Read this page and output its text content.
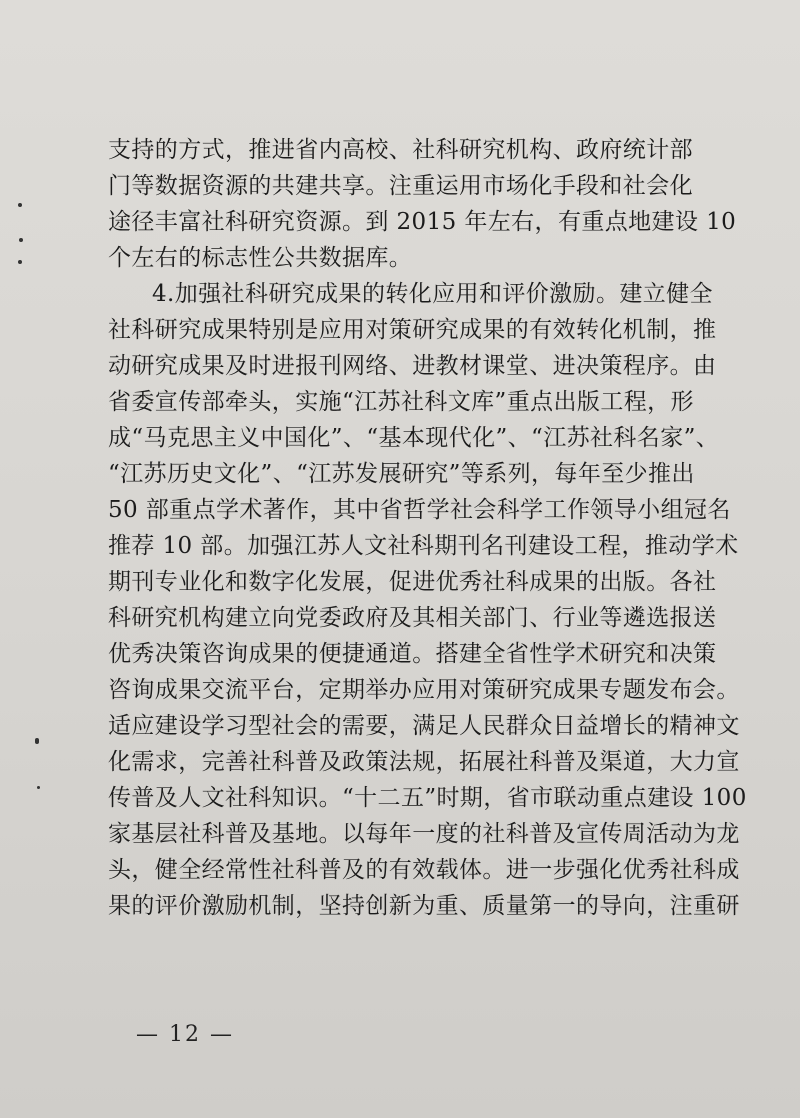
支持的方式，推进省内高校、社科研究机构、政府统计部
门等数据资源的共建共享。注重运用市场化手段和社会化
途径丰富社科研究资源。到 2015 年左右，有重点地建设 10
个左右的标志性公共数据库。
4.加强社科研究成果的转化应用和评价激励。建立健全
社科研究成果特别是应用对策研究成果的有效转化机制，推
动研究成果及时进报刊网络、进教材课堂、进决策程序。由
省委宣传部牵头，实施“江苏社科文库”重点出版工程，形
成“马克思主义中国化”、“基本现代化”、“江苏社科名家”、
“江苏历史文化”、“江苏发展研究”等系列，每年至少推出
50 部重点学术著作，其中省哲学社会科学工作领导小组冠名
推荐 10 部。加强江苏人文社科期刊名刊建设工程，推动学术
期刊专业化和数字化发展，促进优秀社科成果的出版。各社
科研究机构建立向党委政府及其相关部门、行业等遴选报送
优秀决策咨询成果的便捷通道。搭建全省性学术研究和决策
咨询成果交流平台，定期举办应用对策研究成果专题发布会。
适应建设学习型社会的需要，满足人民群众日益增长的精神文
化需求，完善社科普及政策法规，拓展社科普及渠道，大力宣
传普及人文社科知识。“十二五”时期，省市联动重点建设 100
家基层社科普及基地。以每年一度的社科普及宣传周活动为龙
头，健全经常性社科普及的有效载体。进一步强化优秀社科成
果的评价激励机制，坚持创新为重、质量第一的导向，注重研
— 12 —
